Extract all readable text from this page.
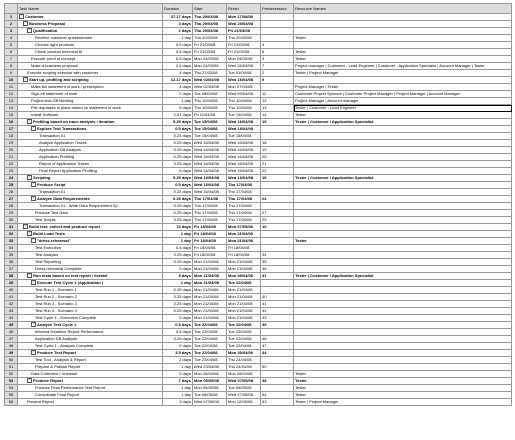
	Task Name	Duration	Start	Finish	Predecessors	Resource Names
1	− Customer	37.17 days	Thu 29/03/08	Mon 17/08/08		
2	− Business Proposal	3 days	Thu 29/03/08	Wed 20/03/08		
3	− Qualification	2 days	Thu 29/03/08	Fri 21/03/08		
4	Receive customer questionnaire	1 day	Thu 20/03/08	Thu 20/03/08		Tester
5	Choose right products	0.5 days	Fri 21/03/08	Fri 21/03/08	4	
6	Check product technical fit	0.5 days	Fri 21/03/08	Fri 21/03/08	5	Tester
7	Execute proof of concept	0.5 days	Mon 24/03/08	Mon 24/03/08	3	Tester
8	Make a business proposal	2.5 days	Mon 24/03/08	Wed 26/03/08	7	Project manager | Customer - Lead Engineer | Customer - Application Specialist | Account Manager | Tester
9	Execute scoping exercise with customer	4 days	Thu 27/03/08	Tue 01/04/08	2	Tester | Project Manager
10	− Start up, profiling and scripting	12.17 days	Wed 02/04/08	Wed 16/04/08	9	
11	Make full statement of work / prescription	4 days	Wed 02/04/08	Mon 07/04/08		Project Manager | Tester
12	Sign-off statement of work	2 days	Tue 08/04/08	Wed 09/04/08	11	Customer Project Sponsor | Customer Project Manager | Project Manager | Account Manager
13	Project kick-Off Meeting	1 day	Thu 10/04/08	Thu 10/04/08	12	Project Manager | Account manager
14	Pre-requisites in place based on statement of work	0 days	Thu 10/04/08	Thu 10/04/08	13	Tester | Customer - Lead Engineer
15	Install Software	2.67 days	Fri 11/04/08	Tue 15/04/08	14	Tester
16	− Profiling based on trace analysis / iteration	5.25 days	Tue 15/04/08	Wed 16/04/08	15	Tester | Customer / Application Specialist
17	− Explore Test Transactions	0.5 days	Tue 15/04/08	Wed 16/04/08		
18	Transaction 01	0.25 days	Tue 15/04/08	Tue 15/04/08		
19	Analyze Application Traces	0.25 days	Wed 16/04/08	Wed 16/04/08	18	
20	Application DB Analysis	0.25 days	Wed 16/04/08	Wed 16/04/08	19	
21	Application Profiling	0.25 days	Wed 16/04/08	Wed 16/04/08	20	
22	Report of Application Traces	0.25 days	Wed 16/04/08	Wed 16/04/08	21	
23	Final Report Application Profiling	0 days	Wed 16/04/08	Wed 16/04/08	22	
24	− Scripting	5.25 days	Wed 16/04/08	Wed 16/04/08	16	Tester | Customer / Application Specialist
25	− Produce Script	0.5 days	Wed 16/04/08	Thu 17/04/08		
26	Transaction 01	0.25 days	Wed 16/04/08	Thu 17/04/08		
27	− Analyze Data Requirements	0.25 days	Thu 17/04/08	Thu 17/04/08	24	
28	Transaction 01 - Write Data Requirement Sp	0.25 days	Thu 17/04/08	Thu 17/04/08		
29	Produce Test Data	0.25 days	Thu 17/04/08	Thu 17/04/08	27	
30	Test Scripts	0.25 days	Thu 17/04/08	Thu 17/04/08	29	
31	− Build test, collect and produce report	13 days	Fri 18/04/08	Mon 07/05/08	10	
32	− Build Load Tests	1 day	Fri 18/04/08	Mon 21/04/08		
33	− "dress-rehearsal"	1 day	Fri 18/04/08	Mon 21/04/08		Tester
34	Test Execution	0.5 days	Fri 18/04/08	Fri 18/04/08		
35	Test Analysis	0.25 days	Fri 18/04/08	Fri 18/04/08	34	
36	Test Reporting	0.25 days	Mon 21/04/08	Mon 21/04/08	35	
37	Dress rehearsal Complete	0 days	Mon 21/04/08	Mon 21/04/08	36	
38	− Run tests based on test report / iteratef	5 days	Mon 21/04/08	Mon 28/04/08	31	Tester | Customer / Application Specialist
39	− Execute Test Cycle 1 (Application )	1 day	Mon 21/04/08	Tue 22/04/08		
40	Test Run 1 - Scenario 1	0.25 days	Mon 21/04/08	Mon 21/04/08		
41	Test Run 2 - Scenario 2	0.25 days	Mon 21/04/08	Mon 21/04/08	40	
42	Test Run 3 - Scenario 3	0.25 days	Mon 21/04/08	Mon 21/04/08	41	
43	Test Run 4 - Scenario 4	0.25 days	Mon 21/04/08	Mon 21/04/08	42	
44	Test Cycle 1 - Execution Complete	0 days	Mon 21/04/08	Mon 21/04/08	43	
45	− Analyze Test Cycle 1	0.5 days	Tue 22/04/08	Tue 22/04/08	39	
46	Informal Headline Report Performance	0.5 days	Tue 22/04/08	Tue 22/04/08		
47	Application DB Analysis	0.25 days	Tue 22/04/08	Tue 22/04/08	46	
48	Test Cycle 1 - Analysis Complete	0 days	Tue 22/04/08	Tue 22/04/08	47	
49	− Produce Test Report	3.5 days	Tue 22/04/08	Mon 28/04/08	44	
50	Test Tool - Analysis & Report	2 days	Tue 22/04/08	Thu 24/04/08		
51	Prepare & Publish Report	1 day	Wed 23/04/08	Thu 24/04/08	50	
52	Data Collection / Uninstall	0 days	Mon 28/04/08	Mon 28/04/08		Tester
53	− Produce Report	7 days	Mon 05/05/08	Wed 07/05/08	38	Tester
54	Produce Final Performance Test Report	1 day	Mon 05/05/08	Tue 06/05/08		Tester
55	Consolidate Final Report	1 day	Tue 06/05/08	Wed 07/05/08	54	Tester
56	Present Report	3 days	Wed 07/05/08	Mon 12/05/08	53	Tester | Project Manager
